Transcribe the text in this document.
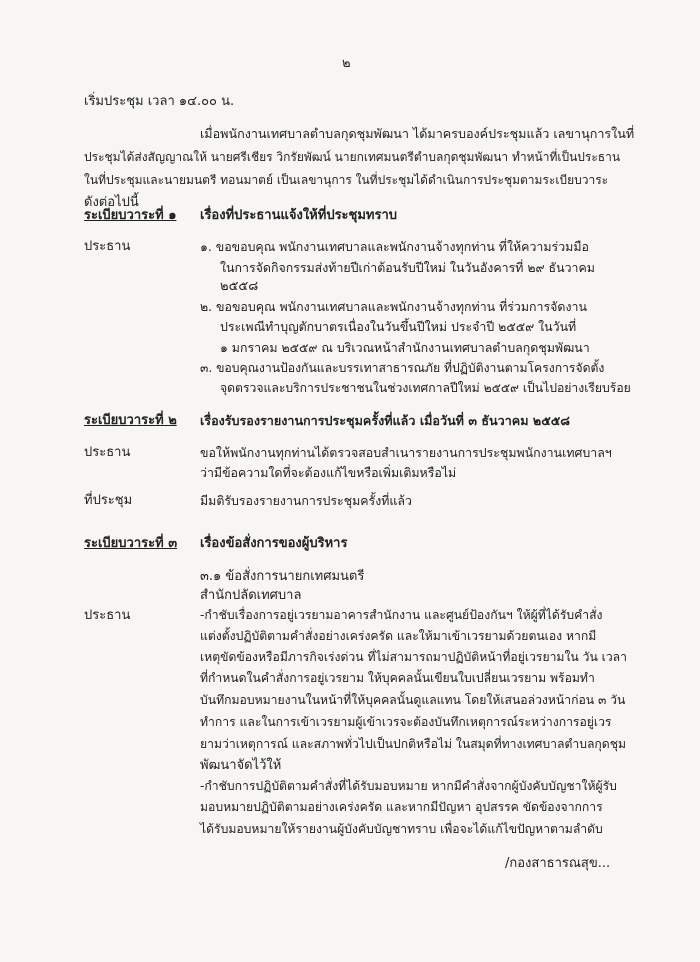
๒
เริ่มประชุม เวลา ๑๔.๐๐ น.
เมื่อพนักงานเทศบาลตำบลกุดชุมพัฒนา ได้มาครบองค์ประชุมแล้ว เลขานุการในที่
ประชุมได้ส่งสัญญาณให้ นายศรีเชียร วิกรัยพัฒน์ นายกเทศมนตรีตำบลกุดชุมพัฒนา ทำหน้าที่เป็นประธาน
ในที่ประชุมและนายมนตรี ทอนมาตย์ เป็นเลขานุการ ในที่ประชุมได้ดำเนินการประชุมตามระเบียบวาระ
ดังต่อไปนี้
ระเบียบวาระที่ ๑ เรื่องที่ประธานแจ้งให้ที่ประชุมทราบ
ประธาน	๑. ขอขอบคุณ พนักงานเทศบาลและพนักงานจ้างทุกท่าน ที่ให้ความร่วมมือ
ในการจัดกิจกรรมส่งท้ายปีเก่าต้อนรับปีใหม่ ในวันอังคารที่ ๒๙ ธันวาคม
๒๕๕๘
๒. ขอขอบคุณ พนักงานเทศบาลและพนักงานจ้างทุกท่าน ที่ร่วมการจัดงาน
ประเพณีทำบุญตักบาตรเนื่องในวันขึ้นปีใหม่ ประจำปี ๒๕๕๙ ในวันที่
๑ มกราคม ๒๕๕๙ ณ บริเวณหน้าสำนักงานเทศบาลตำบลกุดชุมพัฒนา
๓. ขอบคุณงานป้องกันและบรรเทาสาธารณภัย ที่ปฏิบัติงานตามโครงการจัดตั้ง
จุดตรวจและบริการประชาชนในช่วงเทศกาลปีใหม่ ๒๕๕๙ เป็นไปอย่างเรียบร้อย
ระเบียบวาระที่ ๒ เรื่องรับรองรายงานการประชุมครั้งที่แล้ว เมื่อวันที่ ๓ ธันวาคม ๒๕๕๘
ประธาน	ขอให้พนักงานทุกท่านได้ตรวจสอบสำเนารายงานการประชุมพนักงานเทศบาลฯ
ว่ามีข้อความใดที่จะต้องแก้ไขหรือเพิ่มเติมหรือไม่
ที่ประชุม	มีมติรับรองรายงานการประชุมครั้งที่แล้ว
ระเบียบวาระที่ ๓ เรื่องข้อสั่งการของผู้บริหาร
๓.๑ ข้อสั่งการนายกเทศมนตรี
สำนักปลัดเทศบาล
ประธาน	-กำชับเรื่องการอยู่เวรยามอาคารสำนักงาน และศูนย์ป้องกันฯ ให้ผู้ที่ได้รับคำสั่ง
แต่งตั้งปฏิบัติตามคำสั่งอย่างเคร่งครัด และให้มาเข้าเวรยามด้วยตนเอง หากมี
เหตุขัดข้องหรือมีภารกิจเร่งด่วน ที่ไม่สามารถมาปฏิบัติหน้าที่อยู่เวรยามใน วัน เวลา
ที่กำหนดในคำสั่งการอยู่เวรยาม ให้บุคคลนั้นเขียนใบเปลี่ยนเวรยาม พร้อมทำ
บันทึกมอบหมายงานในหน้าที่ให้บุคคลนั้นดูแลแทน โดยให้เสนอล่วงหน้าก่อน ๓ วัน
ทำการ และในการเข้าเวรยามผู้เข้าเวรจะต้องบันทึกเหตุการณ์ระหว่างการอยู่เวร
ยามว่าเหตุการณ์ และสภาพทั่วไปเป็นปกติหรือไม่ ในสมุดที่ทางเทศบาลตำบลกุดชุม
พัฒนาจัดไว้ให้
-กำชับการปฏิบัติตามคำสั่งที่ได้รับมอบหมาย หากมีคำสั่งจากผู้บังคับบัญชาให้ผู้รับ
มอบหมายปฏิบัติตามอย่างเคร่งครัด และหากมีปัญหา อุปสรรค ขัดข้องจากการ
ได้รับมอบหมายให้รายงานผู้บังคับบัญชาทราบ เพื่อจะได้แก้ไขปัญหาตามลำดับ
/กองสาธารณสุข...
